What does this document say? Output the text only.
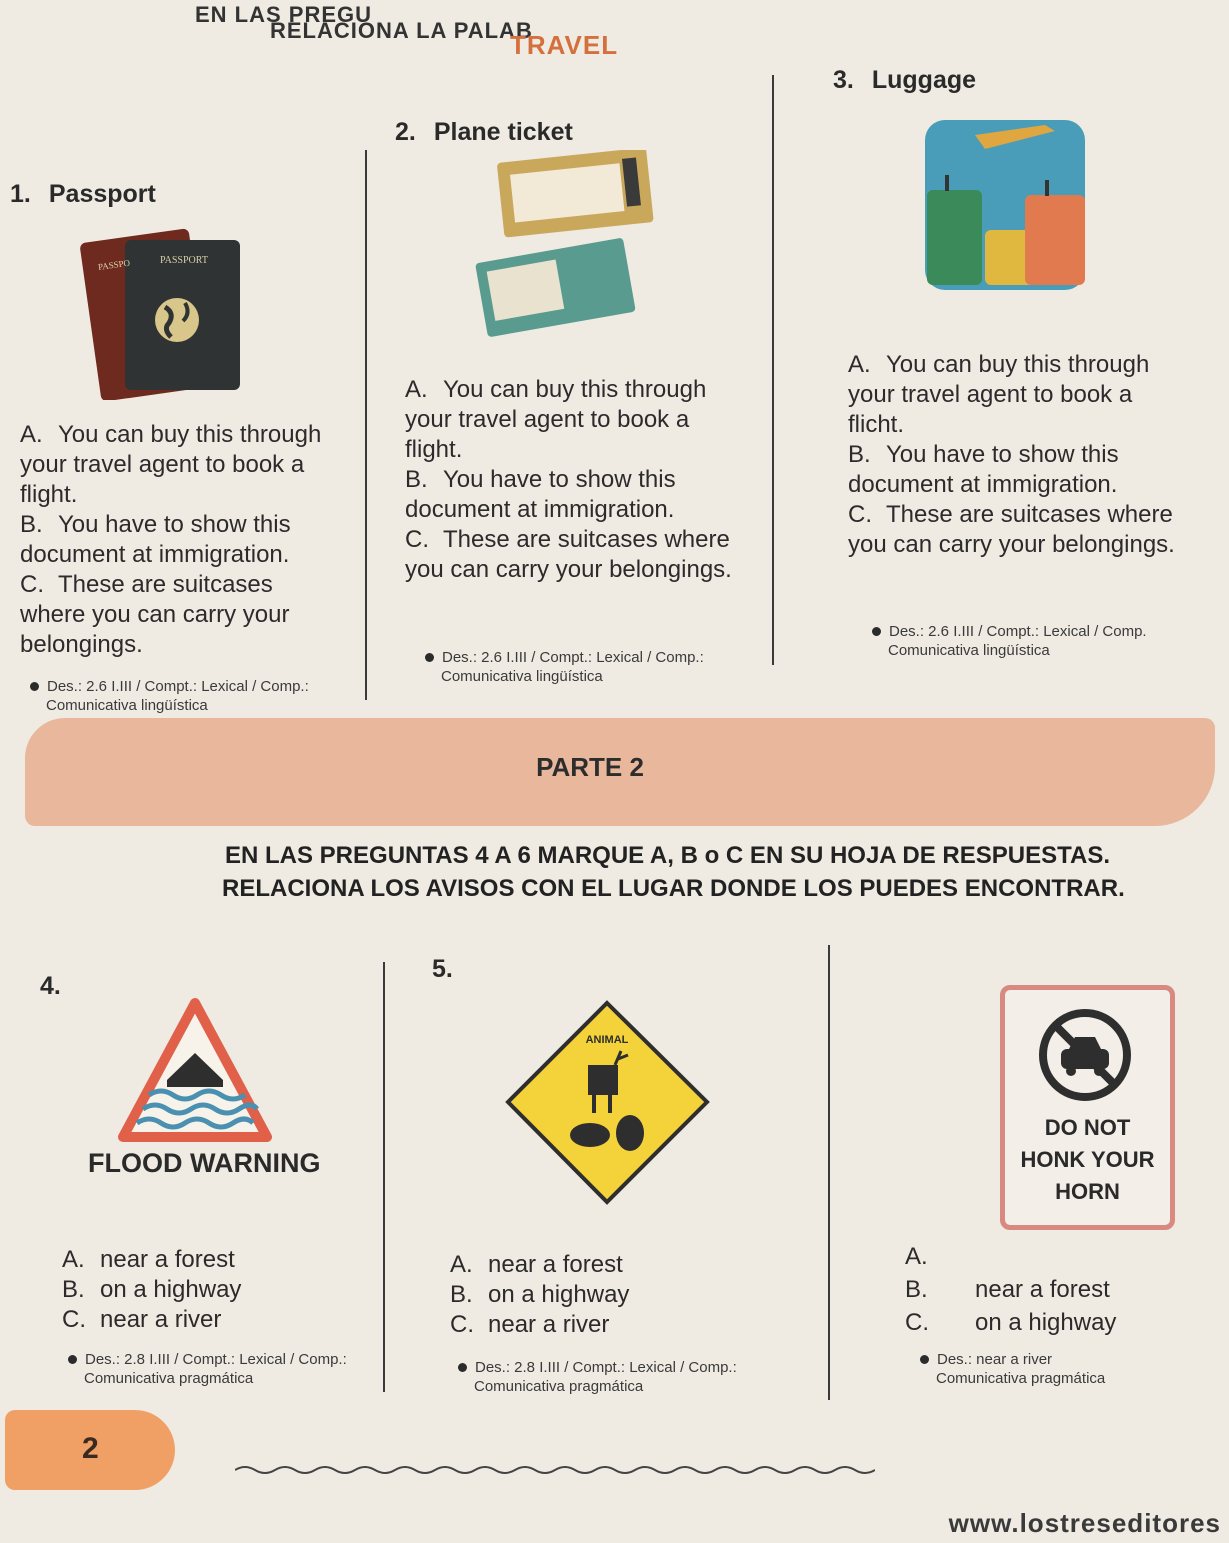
EN LAS PREGU
RELACIONA LA PALAB
TRAVEL
1. Passport
PASSPORT
PASSPO
A. You can buy this through your travel agent to book a flight.
B. You have to show this document at immigration.
C. These are suitcases where you can carry your belongings.
Des.: 2.6 I.III / Compt.: Lexical / Comp.:
Comunicativa lingüística
2. Plane ticket
A. You can buy this through your travel agent to book a flight.
B. You have to show this document at immigration.
C. These are suitcases where you can carry your belongings.
Des.: 2.6 I.III / Compt.: Lexical / Comp.:
Comunicativa lingüística
3. Luggage
A. You can buy this through your travel agent to book a flicht.
B. You have to show this document at immigration.
C. These are suitcases where you can carry your belongings.
Des.: 2.6 I.III / Compt.: Lexical / Comp.
Comunicativa lingüística
PARTE 2
EN LAS PREGUNTAS 4 A 6 MARQUE A, B o C EN SU HOJA DE RESPUESTAS.
RELACIONA LOS AVISOS CON EL LUGAR DONDE LOS PUEDES ENCONTRAR.
4.
FLOOD WARNING
A. near a forest
B. on a highway
C. near a river
Des.: 2.8 I.III / Compt.: Lexical / Comp.:
Comunicativa pragmática
5.
ANIMAL
A. near a forest
B. on a highway
C. near a river
Des.: 2.8 I.III / Compt.: Lexical / Comp.:
Comunicativa pragmática
DO NOT
HONK YOUR
HORN
A.
B. near a forest
C. on a highway
Des.: near a river
Comunicativa pragmática
2
www.lostreseditores
